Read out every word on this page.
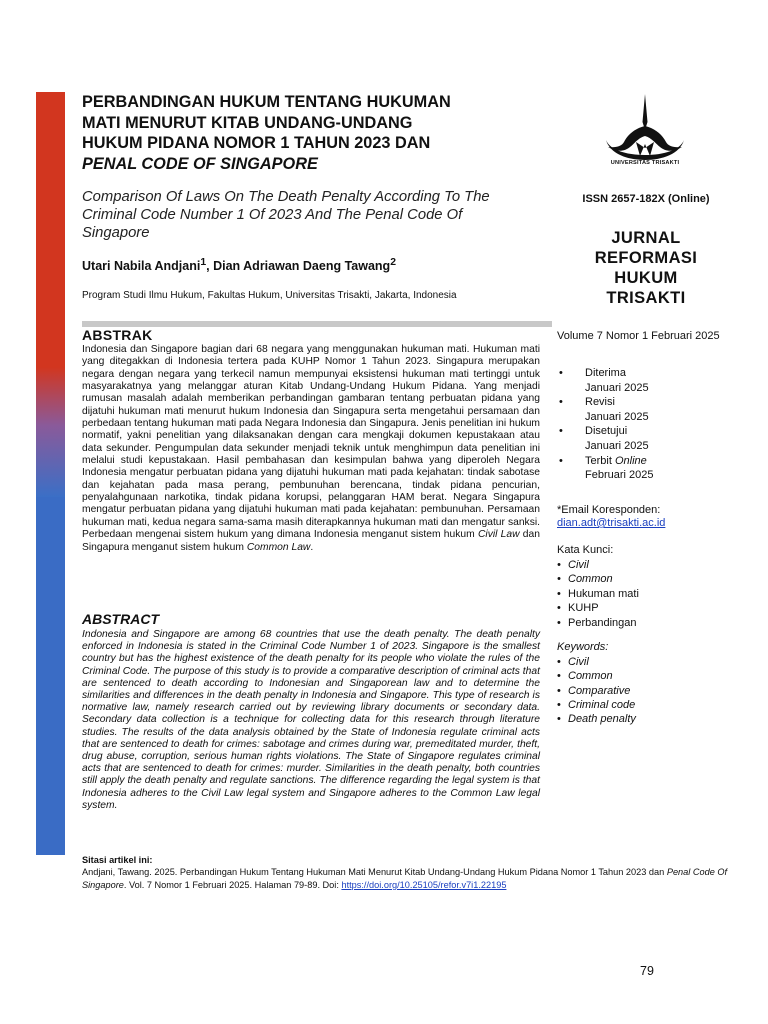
PERBANDINGAN HUKUM TENTANG HUKUMAN
MATI MENURUT KITAB UNDANG-UNDANG
HUKUM PIDANA NOMOR 1 TAHUN 2023 DAN
PENAL CODE OF SINGAPORE

Comparison Of Laws On The Death Penalty According To The Criminal Code Number 1 Of 2023 And The Penal Code Of Singapore

Utari Nabila Andjani$^1$, Dian Adriawan Daeng Tawang$^2$
Program Studi Ilmu Hukum, Fakultas Hukum, Universitas Trisakti, Jakarta, Indonesia
UNIVERSITAS TRISAKTI
ISSN 2657-182X (Online)
JURNAL
REFORMASI
HUKUM
TRISAKTI
ABSTRAK

Indonesia dan Singapore bagian dari 68 negara yang menggunakan hukuman mati. Hukuman mati yang ditegakkan di Indonesia tertera pada KUHP Nomor 1 Tahun 2023. Singapura merupakan negara dengan negara yang terkecil namun mempunyai eksistensi hukuman mati tertinggi untuk masyarakatnya yang melanggar aturan Kitab Undang-Undang Hukum Pidana. Yang menjadi rumusan masalah adalah memberikan perbandingan gambaran tentang perbuatan pidana yang dijatuhi hukuman mati menurut hukum Indonesia dan Singapura serta mengetahui persamaan dan perbedaan tentang hukuman mati pada Negara Indonesia dan Singapura. Jenis penelitian ini hukum normatif, yakni penelitian yang dilaksanakan dengan cara mengkaji dokumen kepustakaan atau data sekunder. Pengumpulan data sekunder menjadi teknik untuk menghimpun data penelitian ini melalui studi kepustakaan. Hasil pembahasan dan kesimpulan bahwa yang diperoleh Negara Indonesia mengatur perbuatan pidana yang dijatuhi hukuman mati pada kejahatan: tindak sabotase dan kejahatan pada masa perang, pembunuhan berencana, tindak pidana pencurian, penyalahgunaan narkotika, tindak pidana korupsi, pelanggaran HAM berat. Negara Singapura mengatur perbuatan pidana yang dijatuhi hukuman mati pada kejahatan: pembunuhan. Persamaan hukuman mati, kedua negara sama-sama masih diterapkannya hukuman mati dan mengatur sanksi. Perbedaan mengenai sistem hukum yang dimana Indonesia menganut sistem hukum Civil Law dan Singapura menganut sistem hukum Common Law.

ABSTRACT

Indonesia and Singapore are among 68 countries that use the death penalty. The death penalty enforced in Indonesia is stated in the Criminal Code Number 1 of 2023. Singapore is the smallest country but has the highest existence of the death penalty for its people who violate the rules of the Criminal Code. The purpose of this study is to provide a comparative description of criminal acts that are sentenced to death according to Indonesian and Singaporean law and to determine the similarities and differences in the death penalty in Indonesia and Singapore. This type of research is normative law, namely research carried out by reviewing library documents or secondary data. Secondary data collection is a technique for collecting data for this research through literature studies. The results of the data analysis obtained by the State of Indonesia regulate criminal acts that are sentenced to death for crimes: sabotage and crimes during war, premeditated murder, theft, drug abuse, corruption, serious human rights violations. The State of Singapore regulates criminal acts that are sentenced to death for crimes: murder. Similarities in the death penalty, both countries still apply the death penalty and regulate sanctions. The difference regarding the legal system is that Indonesia adheres to the Civil Law legal system and Singapore adheres to the Common Law legal system.

Volume 7 Nomor 1 Februari 2025
• Diterima
Januari 2025
• Revisi
Januari 2025
• Disetujui
Januari 2025
• Terbit Online
Februari 2025
*Email Koresponden:
dian.adt@trisakti.ac.id
Kata Kunci:
• Civil
• Common
• Hukuman mati
• KUHP
• Perbandingan
Keywords:
• Civil
• Common
• Comparative
• Criminal code
• Death penalty
Sitasi artikel ini:

Andjani, Tawang. 2025. Perbandingan Hukum Tentang Hukuman Mati Menurut Kitab Undang-Undang Hukum Pidana Nomor 1 Tahun 2023 dan Penal Code Of Singapore. Vol. 7 Nomor 1 Februari 2025. Halaman 79-89. Doi: https://doi.org/10.25105/refor.v7i1.22195

79
